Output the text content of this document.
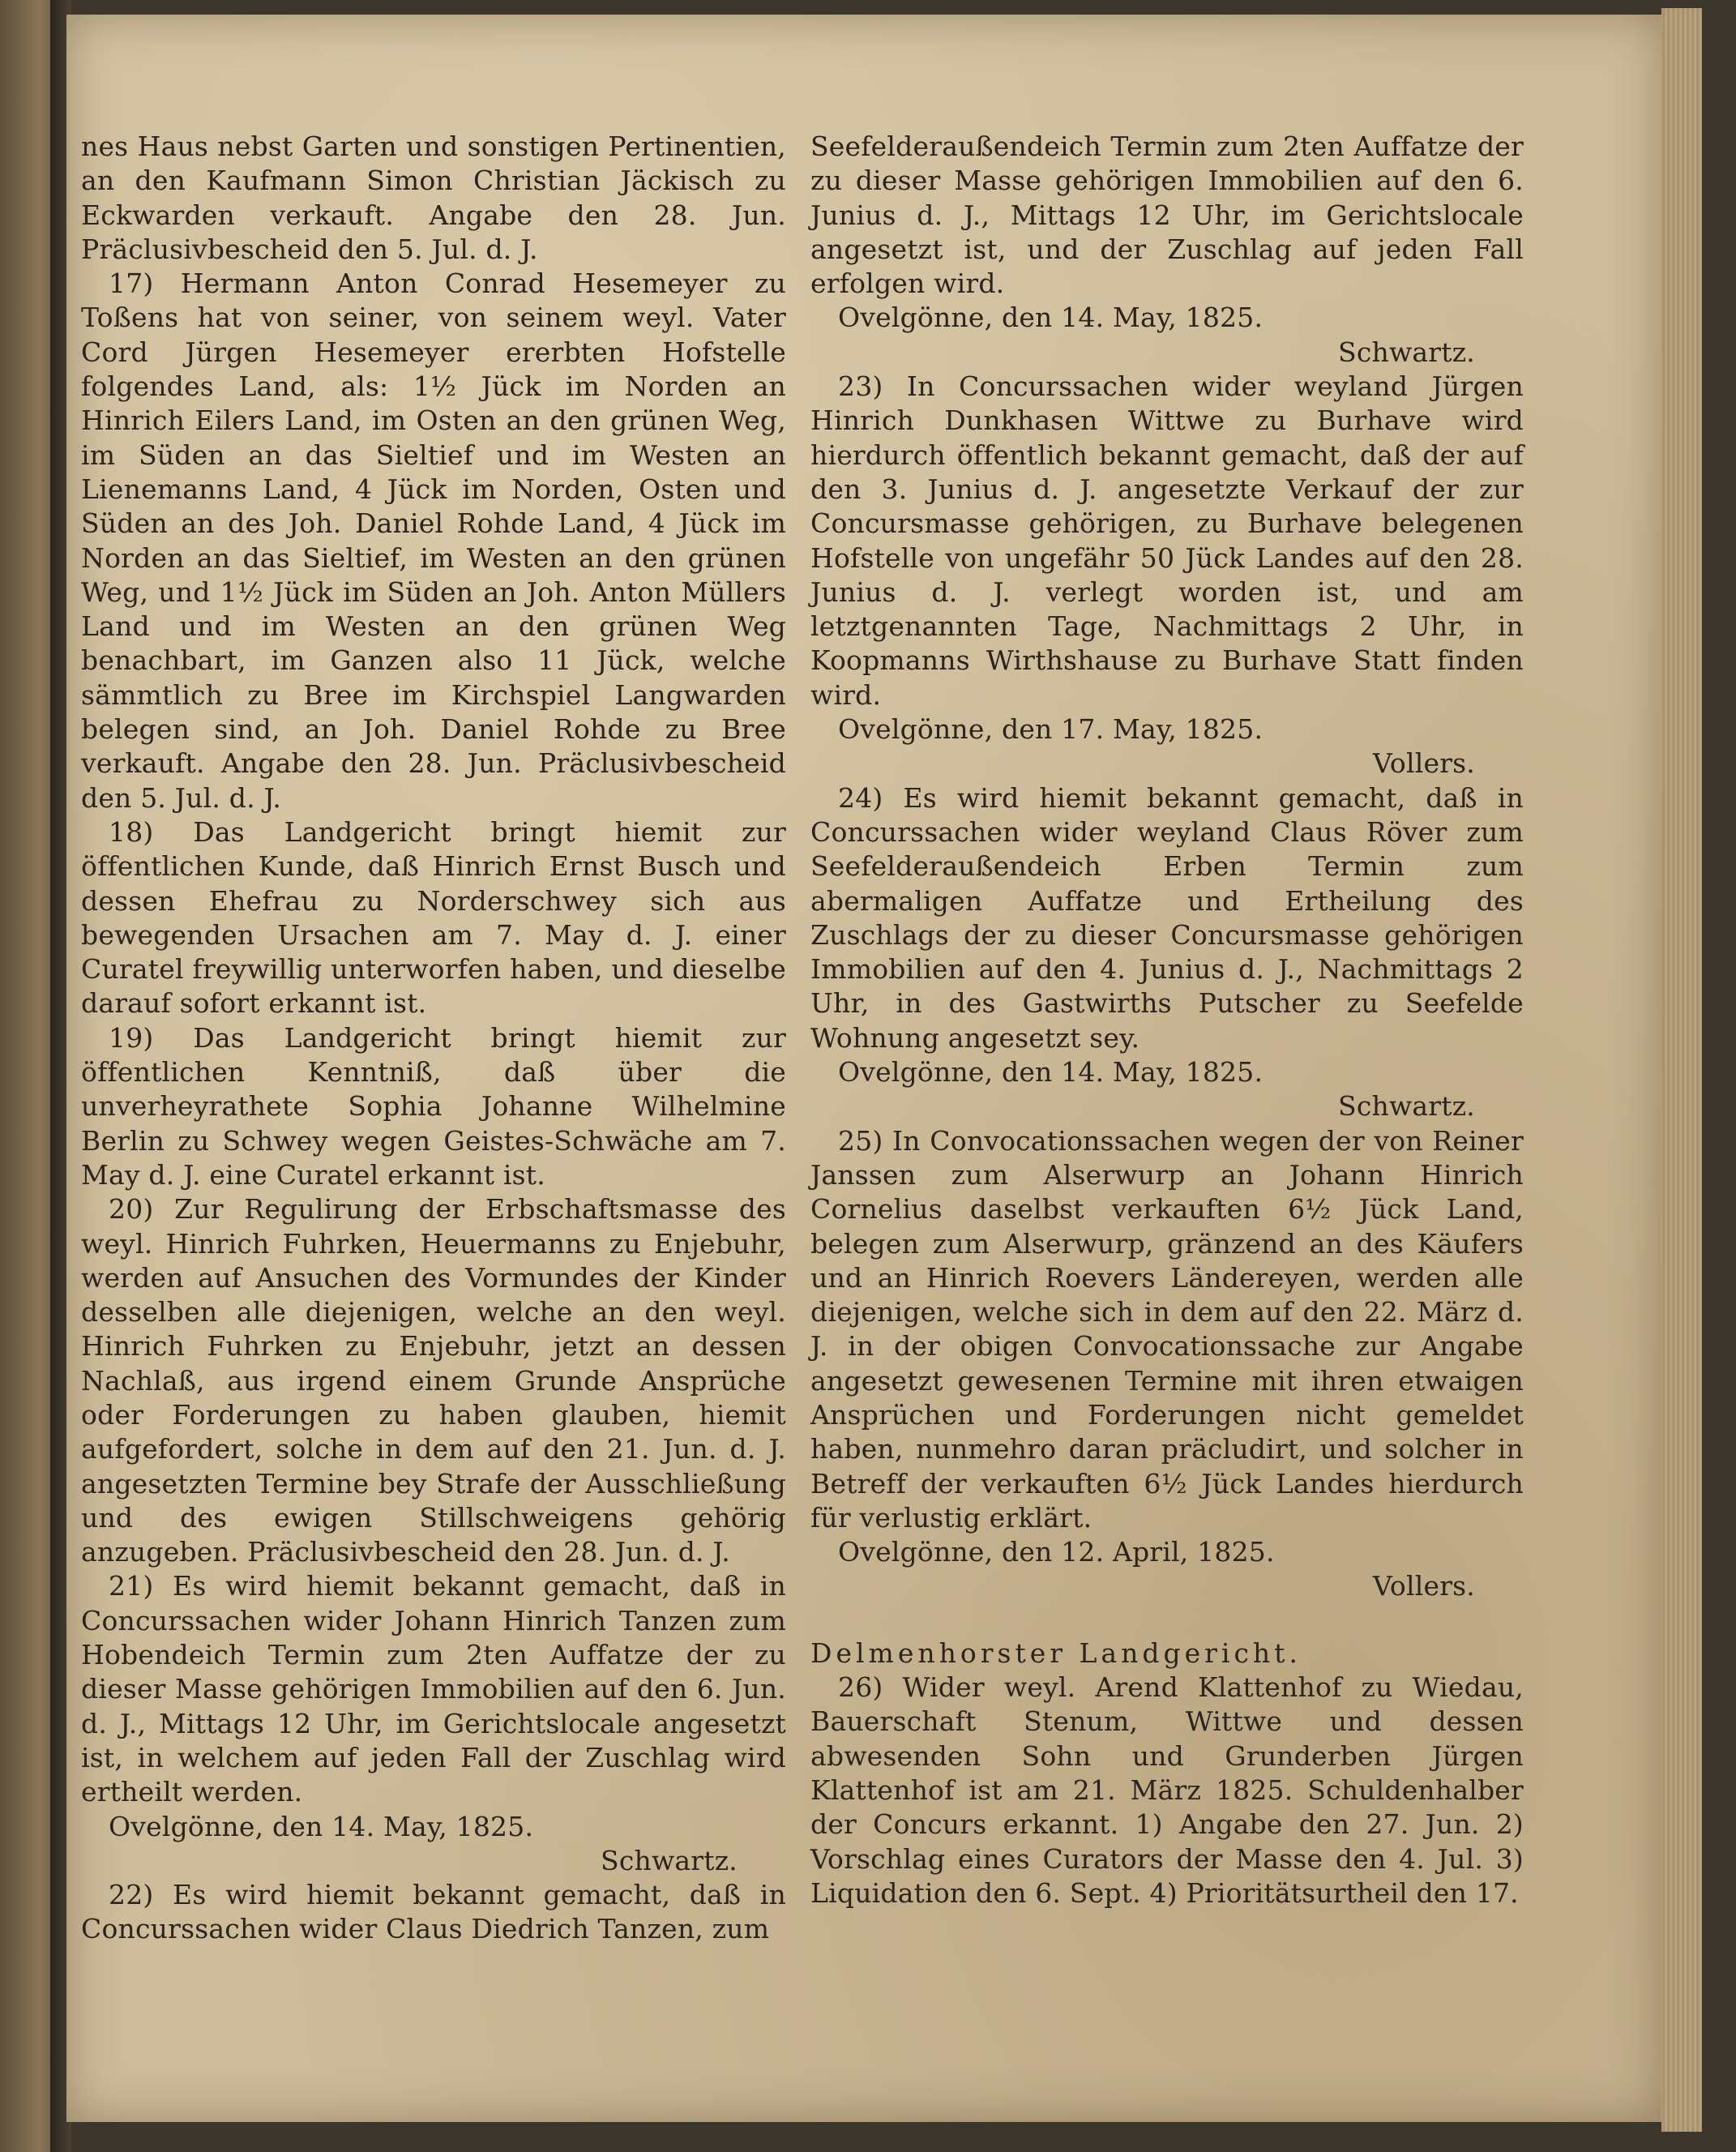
nes Haus nebst Garten und sonstigen Pertinentien, an den Kaufmann Simon Christian Jäckisch zu Eckwarden verkauft. Angabe den 28. Jun. Präclusivbescheid den 5. Jul. d. J.

17) Hermann Anton Conrad Hesemeyer zu Toßens hat von seiner, von seinem weyl. Vater Cord Jürgen Hesemeyer ererbten Hofstelle folgendes Land, als: 1½ Jück im Norden an Hinrich Eilers Land, im Osten an den grünen Weg, im Süden an das Sieltief und im Westen an Lienemanns Land, 4 Jück im Norden, Osten und Süden an des Joh. Daniel Rohde Land, 4 Jück im Norden an das Sieltief, im Westen an den grünen Weg, und 1½ Jück im Süden an Joh. Anton Müllers Land und im Westen an den grünen Weg benachbart, im Ganzen also 11 Jück, welche sämmtlich zu Bree im Kirchspiel Langwarden belegen sind, an Joh. Daniel Rohde zu Bree verkauft. Angabe den 28. Jun. Präclusivbescheid den 5. Jul. d. J.

18) Das Landgericht bringt hiemit zur öffentlichen Kunde, daß Hinrich Ernst Busch und dessen Ehefrau zu Norderschwey sich aus bewegenden Ursachen am 7. May d. J. einer Curatel freywillig unterworfen haben, und dieselbe darauf sofort erkannt ist.

19) Das Landgericht bringt hiemit zur öffentlichen Kenntniß, daß über die unverheyrathete Sophia Johanne Wilhelmine Berlin zu Schwey wegen Geistes-Schwäche am 7. May d. J. eine Curatel erkannt ist.

20) Zur Regulirung der Erbschaftsmasse des weyl. Hinrich Fuhrken, Heuermanns zu Enjebuhr, werden auf Ansuchen des Vormundes der Kinder desselben alle diejenigen, welche an den weyl. Hinrich Fuhrken zu Enjebuhr, jetzt an dessen Nachlaß, aus irgend einem Grunde Ansprüche oder Forderungen zu haben glauben, hiemit aufgefordert, solche in dem auf den 21. Jun. d. J. angesetzten Termine bey Strafe der Ausschließung und des ewigen Stillschweigens gehörig anzugeben. Präclusivbescheid den 28. Jun. d. J.

21) Es wird hiemit bekannt gemacht, daß in Concurssachen wider Johann Hinrich Tanzen zum Hobendeich Termin zum 2ten Auffatze der zu dieser Masse gehörigen Immobilien auf den 6. Jun. d. J., Mittags 12 Uhr, im Gerichtslocale angesetzt ist, in welchem auf jeden Fall der Zuschlag wird ertheilt werden.

Ovelgönne, den 14. May, 1825.

Schwartz.

22) Es wird hiemit bekannt gemacht, daß in Concurssachen wider Claus Diedrich Tanzen, zum

Seefelderaußendeich Termin zum 2ten Auffatze der zu dieser Masse gehörigen Immobilien auf den 6. Junius d. J., Mittags 12 Uhr, im Gerichtslocale angesetzt ist, und der Zuschlag auf jeden Fall erfolgen wird.

Ovelgönne, den 14. May, 1825.

Schwartz.

23) In Concurssachen wider weyland Jürgen Hinrich Dunkhasen Wittwe zu Burhave wird hierdurch öffentlich bekannt gemacht, daß der auf den 3. Junius d. J. angesetzte Verkauf der zur Concursmasse gehörigen, zu Burhave belegenen Hofstelle von ungefähr 50 Jück Landes auf den 28. Junius d. J. verlegt worden ist, und am letztgenannten Tage, Nachmittags 2 Uhr, in Koopmanns Wirthshause zu Burhave Statt finden wird.

Ovelgönne, den 17. May, 1825.

Vollers.

24) Es wird hiemit bekannt gemacht, daß in Concurssachen wider weyland Claus Röver zum Seefelderaußendeich Erben Termin zum abermaligen Auffatze und Ertheilung des Zuschlags der zu dieser Concursmasse gehörigen Immobilien auf den 4. Junius d. J., Nachmittags 2 Uhr, in des Gastwirths Putscher zu Seefelde Wohnung angesetzt sey.

Ovelgönne, den 14. May, 1825.

Schwartz.

25) In Convocationssachen wegen der von Reiner Janssen zum Alserwurp an Johann Hinrich Cornelius daselbst verkauften 6½ Jück Land, belegen zum Alserwurp, gränzend an des Käufers und an Hinrich Roevers Ländereyen, werden alle diejenigen, welche sich in dem auf den 22. März d. J. in der obigen Convocationssache zur Angabe angesetzt gewesenen Termine mit ihren etwaigen Ansprüchen und Forderungen nicht gemeldet haben, nunmehro daran präcludirt, und solcher in Betreff der verkauften 6½ Jück Landes hierdurch für verlustig erklärt.

Ovelgönne, den 12. April, 1825.

Vollers.

Delmenhorster Landgericht.

26) Wider weyl. Arend Klattenhof zu Wiedau, Bauerschaft Stenum, Wittwe und dessen abwesenden Sohn und Grunderben Jürgen Klattenhof ist am 21. März 1825. Schuldenhalber der Concurs erkannt. 1) Angabe den 27. Jun. 2) Vorschlag eines Curators der Masse den 4. Jul. 3) Liquidation den 6. Sept. 4) Prioritätsurtheil den 17.
